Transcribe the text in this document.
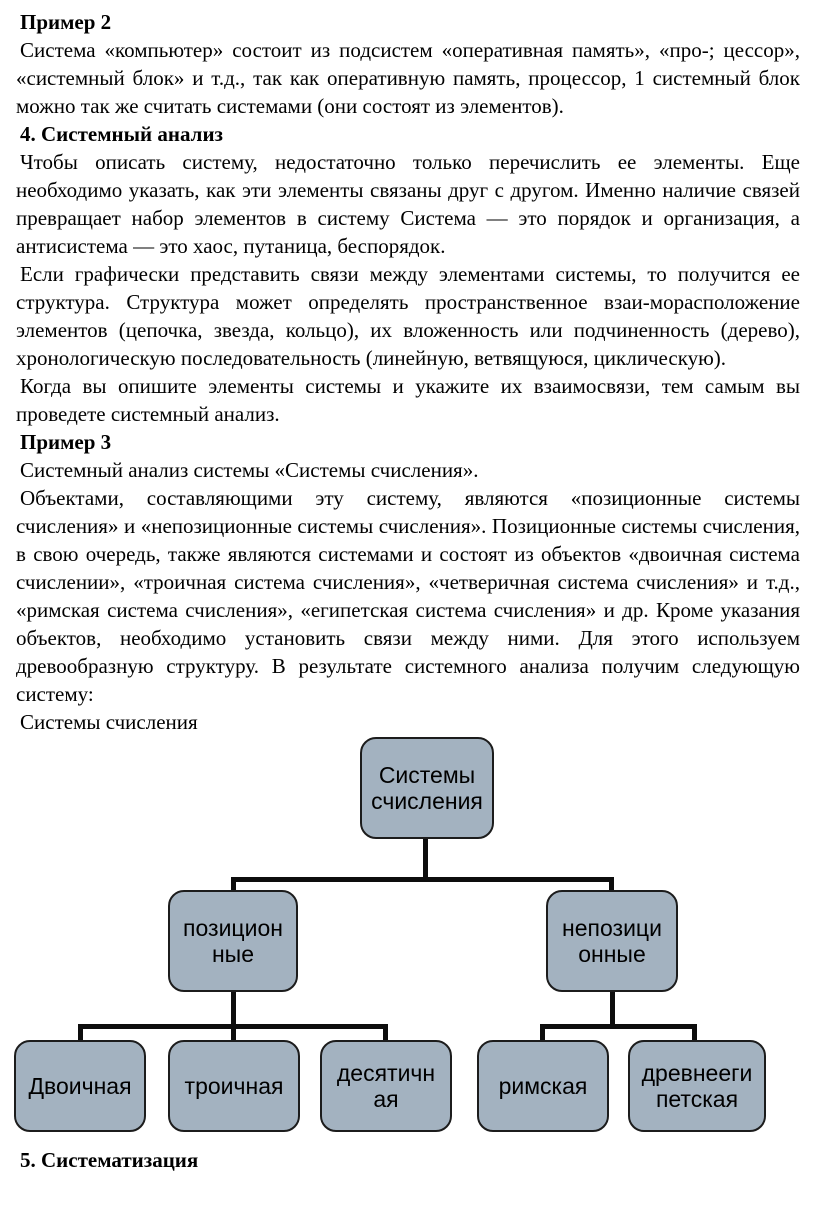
Пример 2

Система «компьютер» состоит из подсистем «оперативная память», «про-; цессор», «системный блок» и т.д., так как оперативную память, процессор, 1 системный блок можно так же считать системами (они состоят из элементов).

4. Системный анализ

Чтобы описать систему, недостаточно только перечислить ее элементы. Еще необходимо указать, как эти элементы связаны друг с другом. Именно наличие связей превращает набор элементов в систему Система — это порядок и организация, а антисистема — это хаос, путаница, беспорядок.

Если графически представить связи между элементами системы, то получится ее структура. Структура может определять пространственное взаи-морасположение элементов (цепочка, звезда, кольцо), их вложенность или подчиненность (дерево), хронологическую последовательность (линейную, ветвящуюся, циклическую).

Когда вы опишите элементы системы и укажите их взаимосвязи, тем самым вы проведете системный анализ.

Пример 3

Системный анализ системы «Системы счисления».

Объектами, составляющими эту систему, являются «позиционные системы счисления» и «непозиционные системы счисления». Позиционные системы счисления, в свою очередь, также являются системами и состоят из объектов «двоичная система счислении», «троичная система счисления», «четверичная система счисления» и т.д., «римская система счисления», «египетская система счисления» и др. Кроме указания объектов, необходимо установить связи между ними. Для этого используем древообразную структуру. В результате системного анализа получим следующую систему:

Системы счисления

Системы счисления
позиционные
непозиционные
Двоичная троичная
десятичная
римская
древнеегипетская

5. Систематизация
